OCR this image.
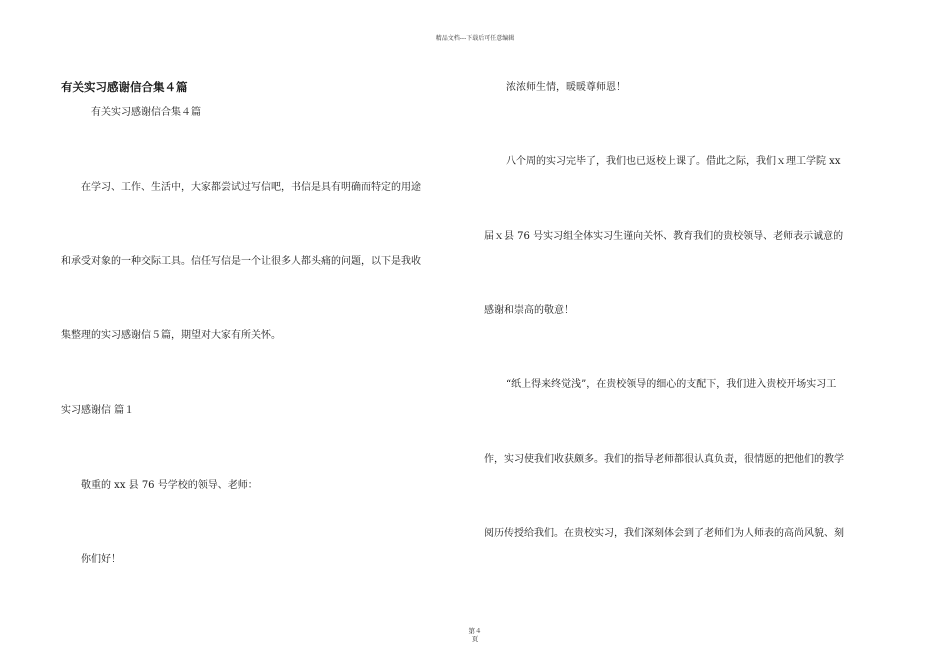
精品文档---下载后可任意编辑
有关实习感谢信合集４篇
有关实习感谢信合集４篇
在学习、工作、生活中，大家都尝试过写信吧，书信是具有明确而特定的用途
和承受对象的一种交际工具。信任写信是一个让很多人都头痛的问题，以下是我收
集整理的实习感谢信５篇，期望对大家有所关怀。
实习感谢信 篇１
敬重的 xx 县 76 号学校的领导、老师：
你们好！
浓浓师生情，暖暖尊师恩！
八个周的实习完毕了，我们也已返校上课了。借此之际，我们ｘ理工学院 xx
届ｘ县 76 号实习组全体实习生谨向关怀、教育我们的贵校领导、老师表示诚意的
感谢和崇高的敬意！
“纸上得来终觉浅”，在贵校领导的细心的支配下，我们进入贵校开场实习工
作，实习使我们收获颇多。我们的指导老师都很认真负责，很情愿的把他们的教学
阅历传授给我们。在贵校实习，我们深刻体会到了老师们为人师表的高尚风貌、刻
第４
页
